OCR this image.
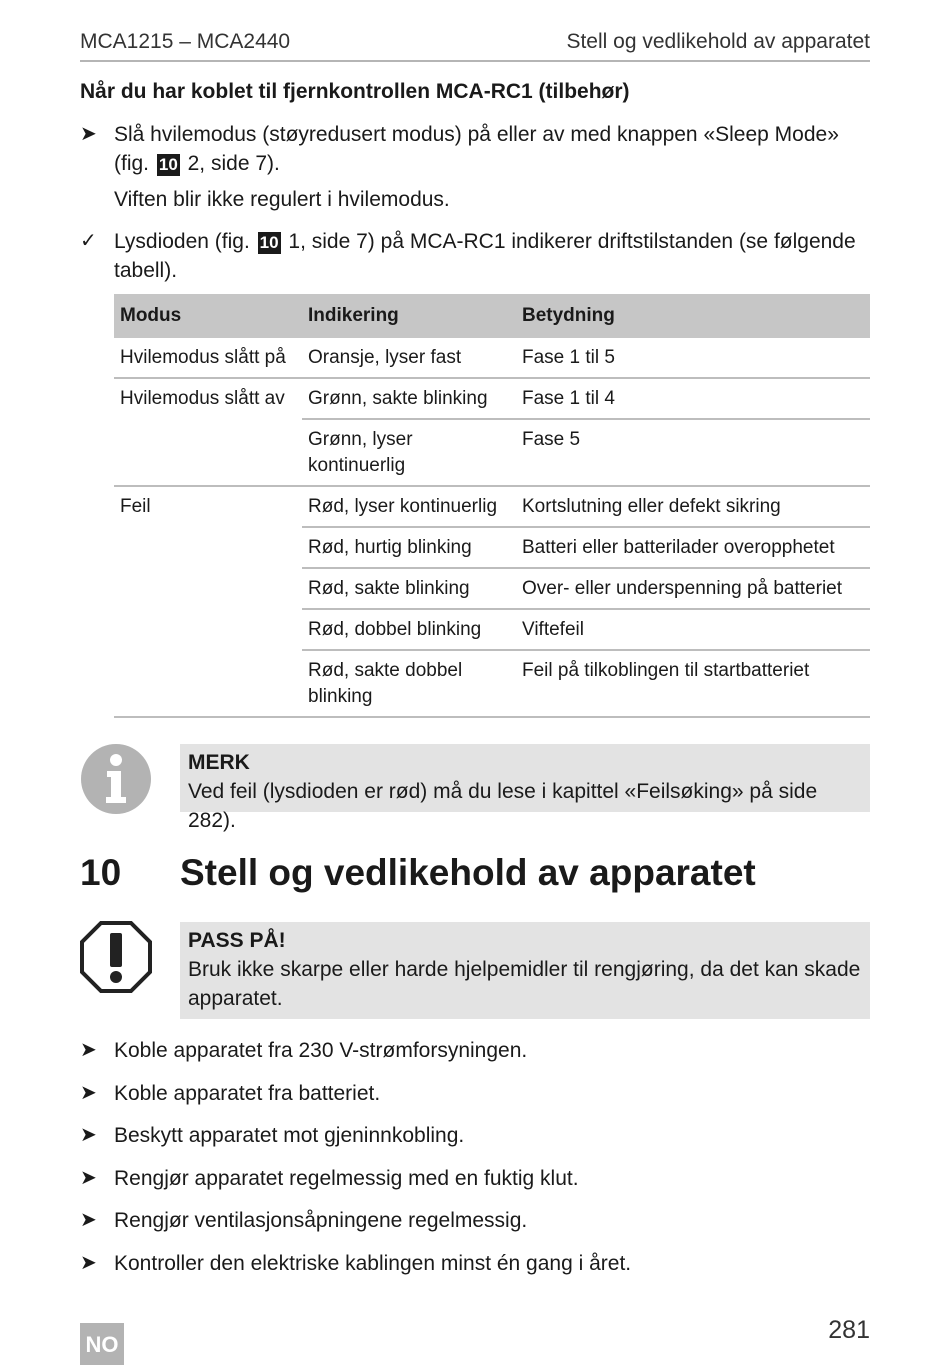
MCA1215 – MCA2440	Stell og vedlikehold av apparatet
Når du har koblet til fjernkontrollen MCA-RC1 (tilbehør)
➤ Slå hvilemodus (støyredusert modus) på eller av med knappen «Sleep Mode» (fig. 10 2, side 7).
Viften blir ikke regulert i hvilemodus.
✓ Lysdioden (fig. 10 1, side 7) på MCA-RC1 indikerer driftstilstanden (se følgende tabell).
Modus	Indikering	Betydning
Hvilemodus slått på	Oransje, lyser fast	Fase 1 til 5
Hvilemodus slått av	Grønn, sakte blinking	Fase 1 til 4
	Grønn, lyser kontinuerlig	Fase 5
Feil	Rød, lyser kontinuerlig	Kortslutning eller defekt sikring
	Rød, hurtig blinking	Batteri eller batterilader overopphetet
	Rød, sakte blinking	Over- eller underspenning på batteriet
	Rød, dobbel blinking	Viftefeil
	Rød, sakte dobbel blinking	Feil på tilkoblingen til startbatteriet
MERK
Ved feil (lysdioden er rød) må du lese i kapittel «Feilsøking» på side 282).
10 Stell og vedlikehold av apparatet
PASS PÅ!
Bruk ikke skarpe eller harde hjelpemidler til rengjøring, da det kan skade apparatet.
➤ Koble apparatet fra 230 V-strømforsyningen.
➤ Koble apparatet fra batteriet.
➤ Beskytt apparatet mot gjeninnkobling.
➤ Rengjør apparatet regelmessig med en fuktig klut.
➤ Rengjør ventilasjonsåpningene regelmessig.
➤ Kontroller den elektriske kablingen minst én gang i året.
281
NO
